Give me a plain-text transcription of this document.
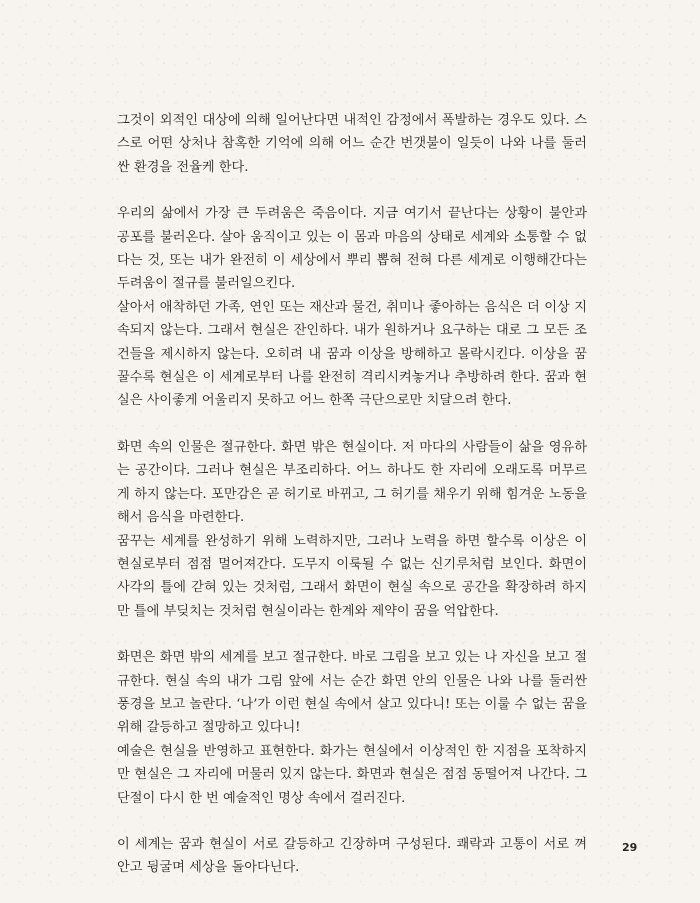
그것이 외적인 대상에 의해 일어난다면 내적인 감정에서 폭발하는 경우도 있다. 스스로 어떤 상처나 참혹한 기억에 의해 어느 순간 번갯불이 일듯이 나와 나를 둘러싼 환경을 전율케 한다.

우리의 삶에서 가장 큰 두려움은 죽음이다. 지금 여기서 끝난다는 상황이 불안과 공포를 불러온다. 살아 움직이고 있는 이 몸과 마음의 상태로 세계와 소통할 수 없다는 것, 또는 내가 완전히 이 세상에서 뿌리 뽑혀 전혀 다른 세계로 이행해간다는 두려움이 절규를 불러일으킨다.

살아서 애착하던 가족, 연인 또는 재산과 물건, 취미나 좋아하는 음식은 더 이상 지속되지 않는다. 그래서 현실은 잔인하다. 내가 원하거나 요구하는 대로 그 모든 조건들을 제시하지 않는다. 오히려 내 꿈과 이상을 방해하고 몰락시킨다. 이상을 꿈꿀수록 현실은 이 세계로부터 나를 완전히 격리시켜놓거나 추방하려 한다. 꿈과 현실은 사이좋게 어울리지 못하고 어느 한쪽 극단으로만 치달으려 한다.

화면 속의 인물은 절규한다. 화면 밖은 현실이다. 저 마다의 사람들이 삶을 영유하는 공간이다. 그러나 현실은 부조리하다. 어느 하나도 한 자리에 오래도록 머무르게 하지 않는다. 포만감은 곧 허기로 바뀌고, 그 허기를 채우기 위해 힘겨운 노동을 해서 음식을 마련한다.

꿈꾸는 세계를 완성하기 위해 노력하지만, 그러나 노력을 하면 할수록 이상은 이 현실로부터 점점 멀어져간다. 도무지 이룩될 수 없는 신기루처럼 보인다. 화면이 사각의 틀에 갇혀 있는 것처럼, 그래서 화면이 현실 속으로 공간을 확장하려 하지만 틀에 부딪치는 것처럼 현실이라는 한계와 제약이 꿈을 억압한다.

화면은 화면 밖의 세계를 보고 절규한다. 바로 그림을 보고 있는 나 자신을 보고 절규한다. 현실 속의 내가 그림 앞에 서는 순간 화면 안의 인물은 나와 나를 둘러싼 풍경을 보고 놀란다. ‘나’가 이런 현실 속에서 살고 있다니! 또는 이룰 수 없는 꿈을 위해 갈등하고 절망하고 있다니!

예술은 현실을 반영하고 표현한다. 화가는 현실에서 이상적인 한 지점을 포착하지만 현실은 그 자리에 머물러 있지 않는다. 화면과 현실은 점점 동떨어져 나간다. 그 단절이 다시 한 번 예술적인 명상 속에서 걸러진다.

이 세계는 꿈과 현실이 서로 갈등하고 긴장하며 구성된다. 쾌락과 고통이 서로 껴안고 뒹굴며 세상을 돌아다닌다.

29
